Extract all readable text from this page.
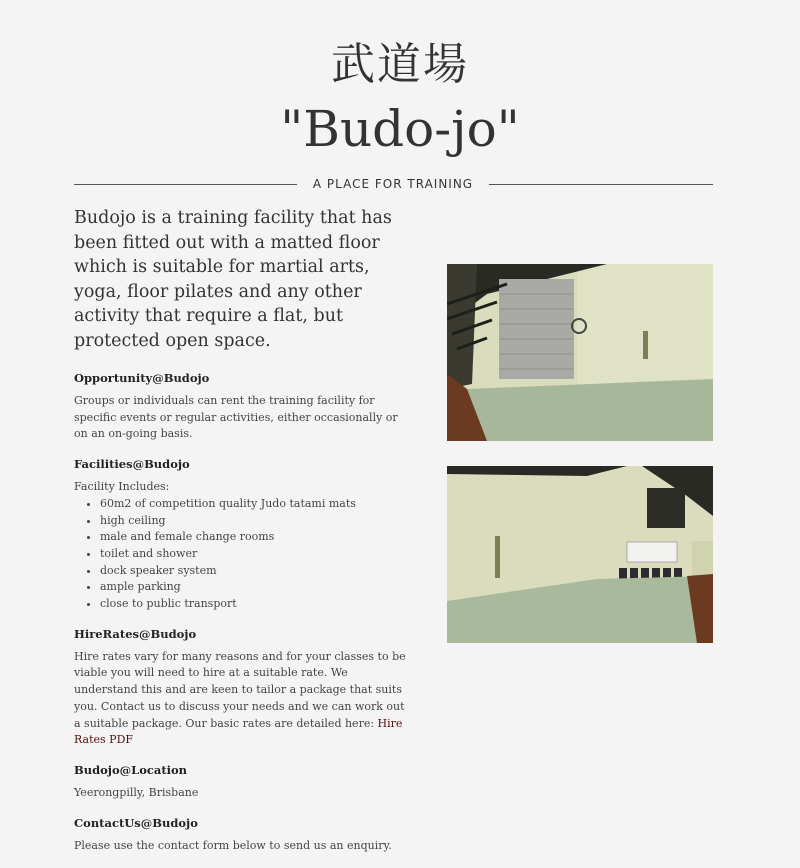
武道場
"Budo-jo"
A PLACE FOR TRAINING

Budojo is a training facility that has been fitted out with a matted floor which is suitable for martial arts, yoga, floor pilates and any other activity that require a flat, but protected open space.

Opportunity@Budojo

Groups or individuals can rent the training facility for specific events or regular activities, either occasionally or on an on-going basis.

Facilities@Budojo
Facility Includes:
• 60m2 of competition quality Judo tatami mats
• high ceiling
• male and female change rooms
• toilet and shower
• dock speaker system
• ample parking
• close to public transport
HireRates@Budojo

Hire rates vary for many reasons and for your classes to be viable you will need to hire at a suitable rate. We understand this and are keen to tailor a package that suits you. Contact us to discuss your needs and we can work out a suitable package. Our basic rates are detailed here: Hire Rates PDF

Budojo@Location

Yeerongpilly, Brisbane

ContactUs@Budojo

Please use the contact form below to send us an enquiry.
